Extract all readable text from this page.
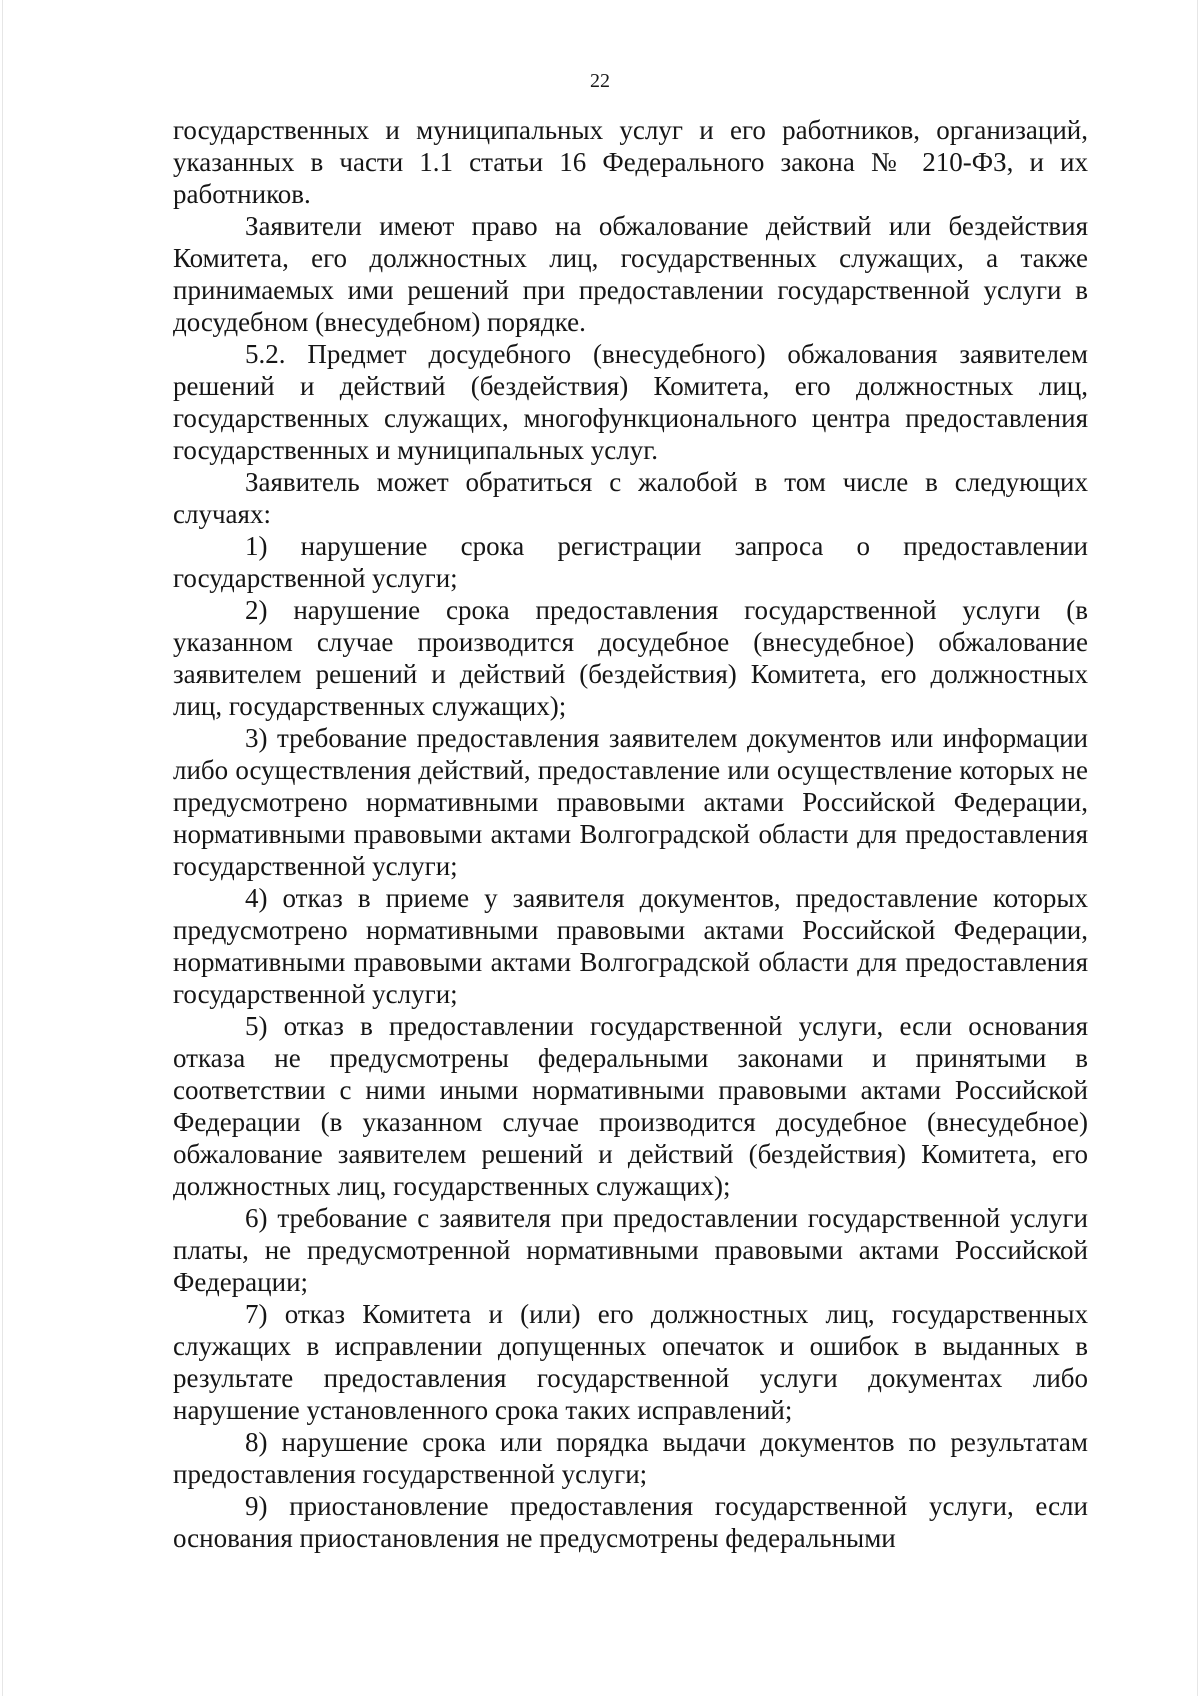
22

государственных и муниципальных услуг и его работников, организаций, указанных в части 1.1 статьи 16 Федерального закона № 210-ФЗ, и их работников.

Заявители имеют право на обжалование действий или бездействия Комитета, его должностных лиц, государственных служащих, а также принимаемых ими решений при предоставлении государственной услуги в досудебном (внесудебном) порядке.

5.2. Предмет досудебного (внесудебного) обжалования заявителем решений и действий (бездействия) Комитета, его должностных лиц, государственных служащих, многофункционального центра предоставления государственных и муниципальных услуг.

Заявитель может обратиться с жалобой в том числе в следующих случаях:

1) нарушение срока регистрации запроса о предоставлении государственной услуги;

2) нарушение срока предоставления государственной услуги (в указанном случае производится досудебное (внесудебное) обжалование заявителем решений и действий (бездействия) Комитета, его должностных лиц, государственных служащих);

3) требование предоставления заявителем документов или информации либо осуществления действий, предоставление или осуществление которых не предусмотрено нормативными правовыми актами Российской Федерации, нормативными правовыми актами Волгоградской области для предоставления государственной услуги;

4) отказ в приеме у заявителя документов, предоставление которых предусмотрено нормативными правовыми актами Российской Федерации, нормативными правовыми актами Волгоградской области для предоставления государственной услуги;

5) отказ в предоставлении государственной услуги, если основания отказа не предусмотрены федеральными законами и принятыми в соответствии с ними иными нормативными правовыми актами Российской Федерации (в указанном случае производится досудебное (внесудебное) обжалование заявителем решений и действий (бездействия) Комитета, его должностных лиц, государственных служащих);

6) требование с заявителя при предоставлении государственной услуги платы, не предусмотренной нормативными правовыми актами Российской Федерации;

7) отказ Комитета и (или) его должностных лиц, государственных служащих в исправлении допущенных опечаток и ошибок в выданных в результате предоставления государственной услуги документах либо нарушение установленного срока таких исправлений;

8) нарушение срока или порядка выдачи документов по результатам предоставления государственной услуги;

9) приостановление предоставления государственной услуги, если основания приостановления не предусмотрены федеральными
